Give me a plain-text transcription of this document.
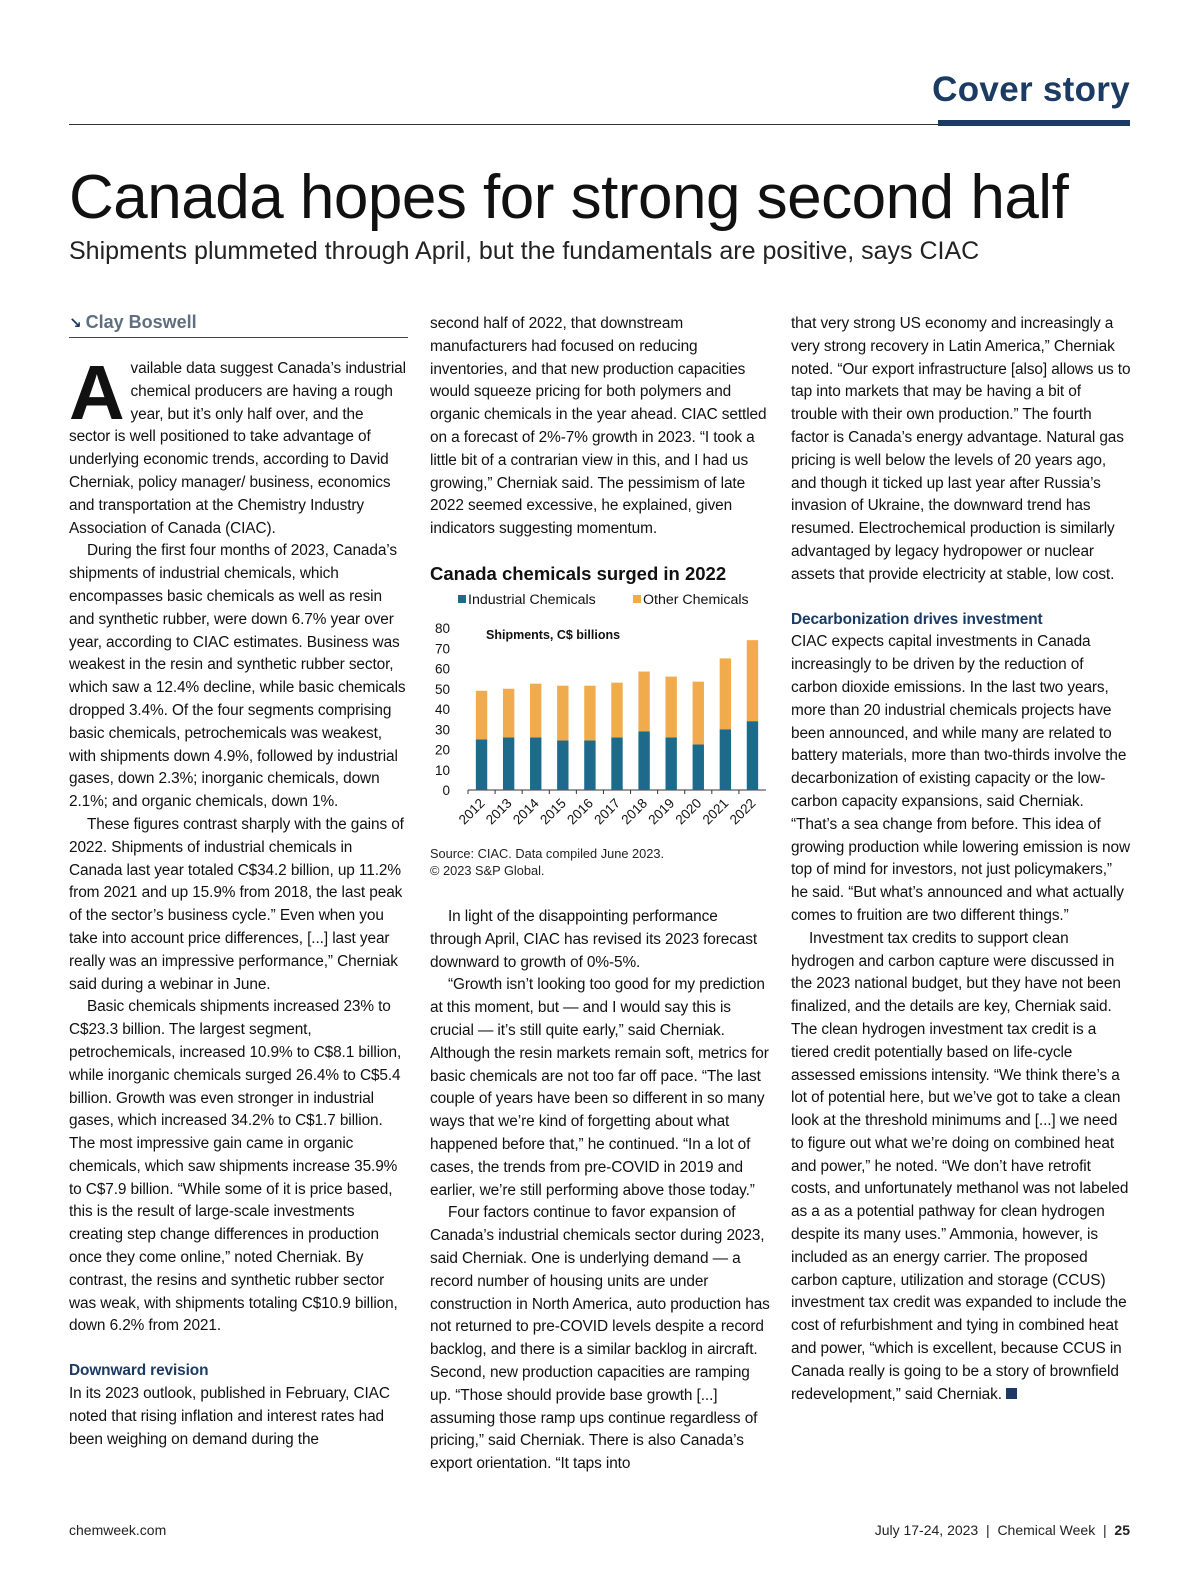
Cover story
Canada hopes for strong second half
Shipments plummeted through April, but the fundamentals are positive, says CIAC
↘ Clay Boswell

Available data suggest Canada’s industrial chemical producers are having a rough year, but it’s only half over, and the sector is well positioned to take advantage of underlying economic trends, according to David Cherniak, policy manager/ business, economics and transportation at the Chemistry Industry Association of Canada (CIAC).

During the first four months of 2023, Canada’s shipments of industrial chemicals, which encompasses basic chemicals as well as resin and synthetic rubber, were down 6.7% year over year, according to CIAC estimates. Business was weakest in the resin and synthetic rubber sector, which saw a 12.4% decline, while basic chemicals dropped 3.4%. Of the four segments comprising basic chemicals, petrochemicals was weakest, with shipments down 4.9%, followed by industrial gases, down 2.3%; inorganic chemicals, down 2.1%; and organic chemicals, down 1%.

These figures contrast sharply with the gains of 2022. Shipments of industrial chemicals in Canada last year totaled C$34.2 billion, up 11.2% from 2021 and up 15.9% from 2018, the last peak of the sector’s business cycle.” Even when you take into account price differences, [...] last year really was an impressive performance,” Cherniak said during a webinar in June.

Basic chemicals shipments increased 23% to C$23.3 billion. The largest segment, petrochemicals, increased 10.9% to C$8.1 billion, while inorganic chemicals surged 26.4% to C$5.4 billion. Growth was even stronger in industrial gases, which increased 34.2% to C$1.7 billion. The most impressive gain came in organic chemicals, which saw shipments increase 35.9% to C$7.9 billion. “While some of it is price based, this is the result of large-scale investments creating step change differences in production once they come online,” noted Cherniak. By contrast, the resins and synthetic rubber sector was weak, with shipments totaling C$10.9 billion, down 6.2% from 2021.

Downward revision

In its 2023 outlook, published in February, CIAC noted that rising inflation and interest rates had been weighing on demand during the

second half of 2022, that downstream manufacturers had focused on reducing inventories, and that new production capacities would squeeze pricing for both polymers and organic chemicals in the year ahead. CIAC settled on a forecast of 2%-7% growth in 2023. “I took a little bit of a contrarian view in this, and I had us growing,” Cherniak said. The pessimism of late 2022 seemed excessive, he explained, given indicators suggesting momentum.

Canada chemicals surged in 2022
Industrial Chemicals	Other Chemicals
Shipments, C$ billions
0
10
20
30
40
50
60
70
80
2012
2013
2014
2015
2016
2017
2018
2019
2020
2021
2022
Source: CIAC. Data compiled June 2023.
© 2023 S&P Global.

In light of the disappointing performance through April, CIAC has revised its 2023 forecast downward to growth of 0%-5%.

“Growth isn’t looking too good for my prediction at this moment, but — and I would say this is crucial — it’s still quite early,” said Cherniak. Although the resin markets remain soft, metrics for basic chemicals are not too far off pace. “The last couple of years have been so different in so many ways that we’re kind of forgetting about what happened before that,” he continued. “In a lot of cases, the trends from pre-COVID in 2019 and earlier, we’re still performing above those today.”

Four factors continue to favor expansion of Canada’s industrial chemicals sector during 2023, said Cherniak. One is underlying demand — a record number of housing units are under construction in North America, auto production has not returned to pre-COVID levels despite a record backlog, and there is a similar backlog in aircraft. Second, new production capacities are ramping up. “Those should provide base growth [...] assuming those ramp ups continue regardless of pricing,” said Cherniak. There is also Canada’s export orientation. “It taps into

that very strong US economy and increasingly a very strong recovery in Latin America,” Cherniak noted. “Our export infrastructure [also] allows us to tap into markets that may be having a bit of trouble with their own production.” The fourth factor is Canada’s energy advantage. Natural gas pricing is well below the levels of 20 years ago, and though it ticked up last year after Russia’s invasion of Ukraine, the downward trend has resumed. Electrochemical production is similarly advantaged by legacy hydropower or nuclear assets that provide electricity at stable, low cost.

Decarbonization drives investment

CIAC expects capital investments in Canada increasingly to be driven by the reduction of carbon dioxide emissions. In the last two years, more than 20 industrial chemicals projects have been announced, and while many are related to battery materials, more than two-thirds involve the decarbonization of existing capacity or the low-carbon capacity expansions, said Cherniak. “That’s a sea change from before. This idea of growing production while lowering emission is now top of mind for investors, not just policymakers,” he said. “But what’s announced and what actually comes to fruition are two different things.”

Investment tax credits to support clean hydrogen and carbon capture were discussed in the 2023 national budget, but they have not been finalized, and the details are key, Cherniak said. The clean hydrogen investment tax credit is a tiered credit potentially based on life-cycle assessed emissions intensity. “We think there’s a lot of potential here, but we’ve got to take a clean look at the threshold minimums and [...] we need to figure out what we’re doing on combined heat and power,” he noted. “We don’t have retrofit costs, and unfortunately methanol was not labeled as a as a potential pathway for clean hydrogen despite its many uses.” Ammonia, however, is included as an energy carrier. The proposed carbon capture, utilization and storage (CCUS) investment tax credit was expanded to include the cost of refurbishment and tying in combined heat and power, “which is excellent, because CCUS in Canada really is going to be a story of brownfield redevelopment,” said Cherniak.

chemweek.com	July 17-24, 2023 | Chemical Week | 25
